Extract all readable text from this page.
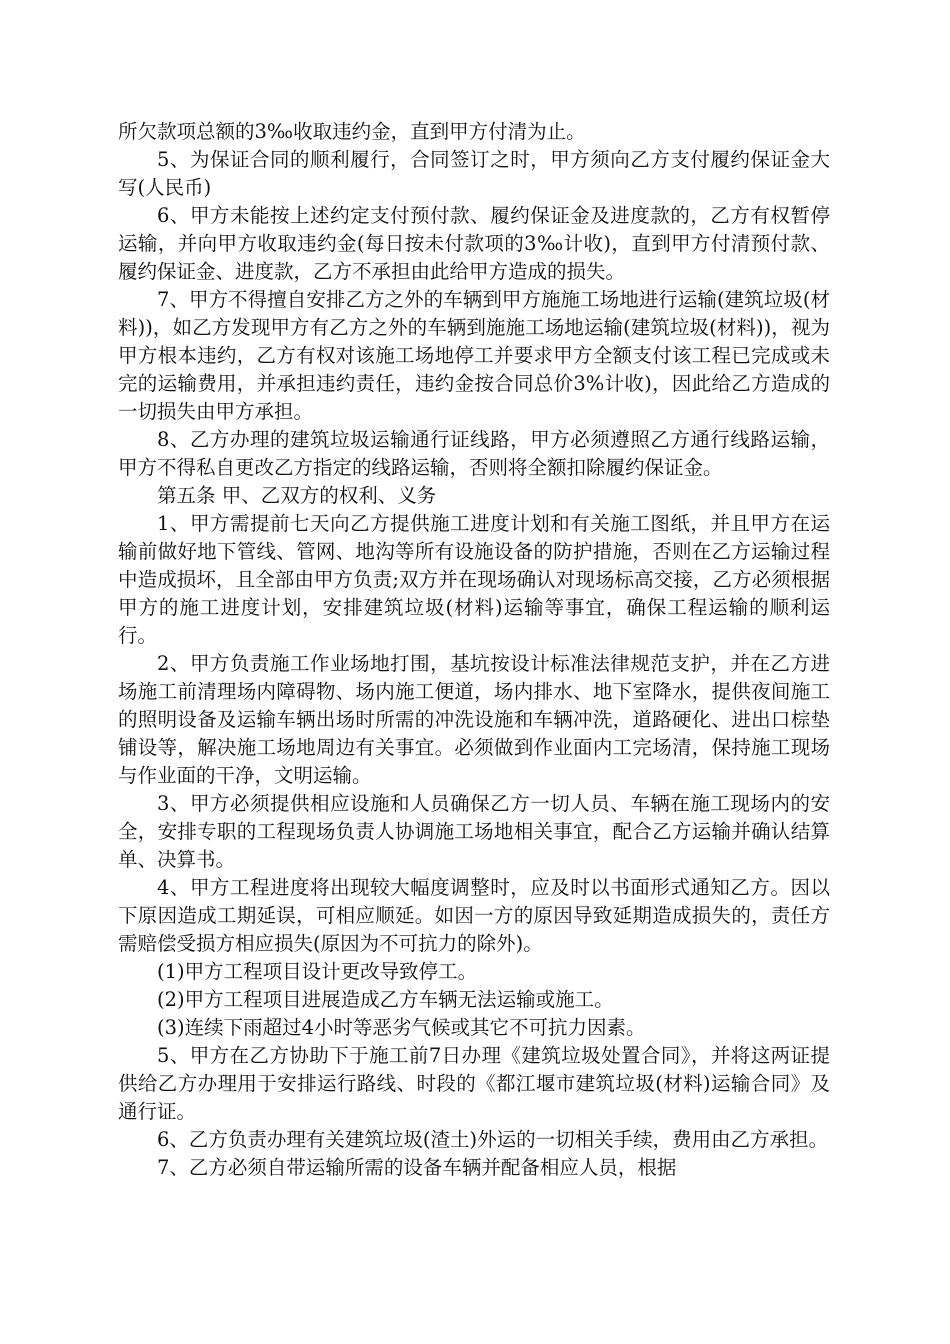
所欠款项总额的3‰收取违约金，直到甲方付清为止。

5、为保证合同的顺利履行，合同签订之时，甲方须向乙方支付履约保证金大写(人民币)

6、甲方未能按上述约定支付预付款、履约保证金及进度款的，乙方有权暂停运输，并向甲方收取违约金(每日按未付款项的3‰计收)，直到甲方付清预付款、履约保证金、进度款，乙方不承担由此给甲方造成的损失。

7、甲方不得擅自安排乙方之外的车辆到甲方施施工场地进行运输(建筑垃圾(材料))，如乙方发现甲方有乙方之外的车辆到施施工场地运输(建筑垃圾(材料))，视为甲方根本违约，乙方有权对该施工场地停工并要求甲方全额支付该工程已完成或未完的运输费用，并承担违约责任，违约金按合同总价3%计收)，因此给乙方造成的一切损失由甲方承担。

8、乙方办理的建筑垃圾运输通行证线路，甲方必须遵照乙方通行线路运输，甲方不得私自更改乙方指定的线路运输，否则将全额扣除履约保证金。

第五条 甲、乙双方的权利、义务

1、甲方需提前七天向乙方提供施工进度计划和有关施工图纸，并且甲方在运输前做好地下管线、管网、地沟等所有设施设备的防护措施，否则在乙方运输过程中造成损坏，且全部由甲方负责;双方并在现场确认对现场标高交接，乙方必须根据甲方的施工进度计划，安排建筑垃圾(材料)运输等事宜，确保工程运输的顺利运行。

2、甲方负责施工作业场地打围，基坑按设计标准法律规范支护，并在乙方进场施工前清理场内障碍物、场内施工便道，场内排水、地下室降水，提供夜间施工的照明设备及运输车辆出场时所需的冲洗设施和车辆冲洗，道路硬化、进出口棕垫铺设等，解决施工场地周边有关事宜。必须做到作业面内工完场清，保持施工现场与作业面的干净，文明运输。

3、甲方必须提供相应设施和人员确保乙方一切人员、车辆在施工现场内的安全，安排专职的工程现场负责人协调施工场地相关事宜，配合乙方运输并确认结算单、决算书。

4、甲方工程进度将出现较大幅度调整时，应及时以书面形式通知乙方。因以下原因造成工期延误，可相应顺延。如因一方的原因导致延期造成损失的，责任方需赔偿受损方相应损失(原因为不可抗力的除外)。

(1)甲方工程项目设计更改导致停工。

(2)甲方工程项目进展造成乙方车辆无法运输或施工。

(3)连续下雨超过4小时等恶劣气候或其它不可抗力因素。

5、甲方在乙方协助下于施工前7日办理《建筑垃圾处置合同》，并将这两证提供给乙方办理用于安排运行路线、时段的《都江堰市建筑垃圾(材料)运输合同》及通行证。

6、乙方负责办理有关建筑垃圾(渣土)外运的一切相关手续，费用由乙方承担。

7、乙方必须自带运输所需的设备车辆并配备相应人员，根据
